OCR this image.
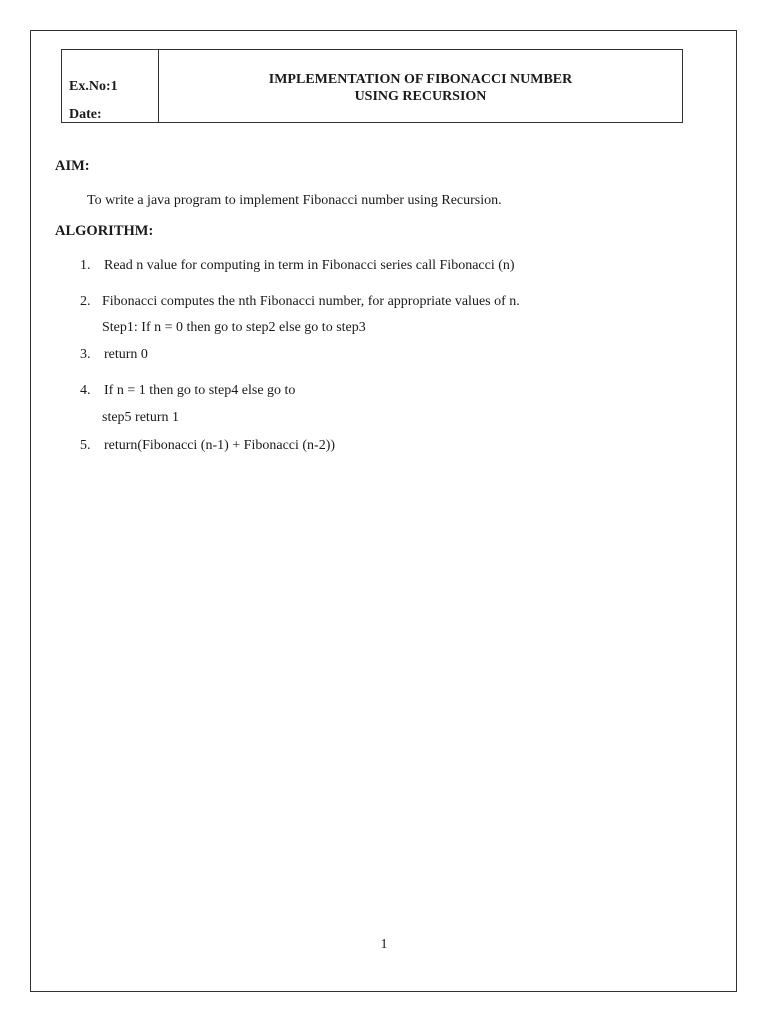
Ex.No:1
Date:
IMPLEMENTATION OF FIBONACCI NUMBER
USING RECURSION
AIM:
To write a java program to implement Fibonacci number using Recursion.
ALGORITHM:
1. Read n value for computing in term in Fibonacci series call Fibonacci (n)
2. Fibonacci computes the nth Fibonacci number, for appropriate values of n.
Step1: If n = 0 then go to step2 else go to step3
3. return 0
4. If n = 1 then go to step4 else go to
step5 return 1
5. return(Fibonacci (n-1) + Fibonacci (n-2))
1
